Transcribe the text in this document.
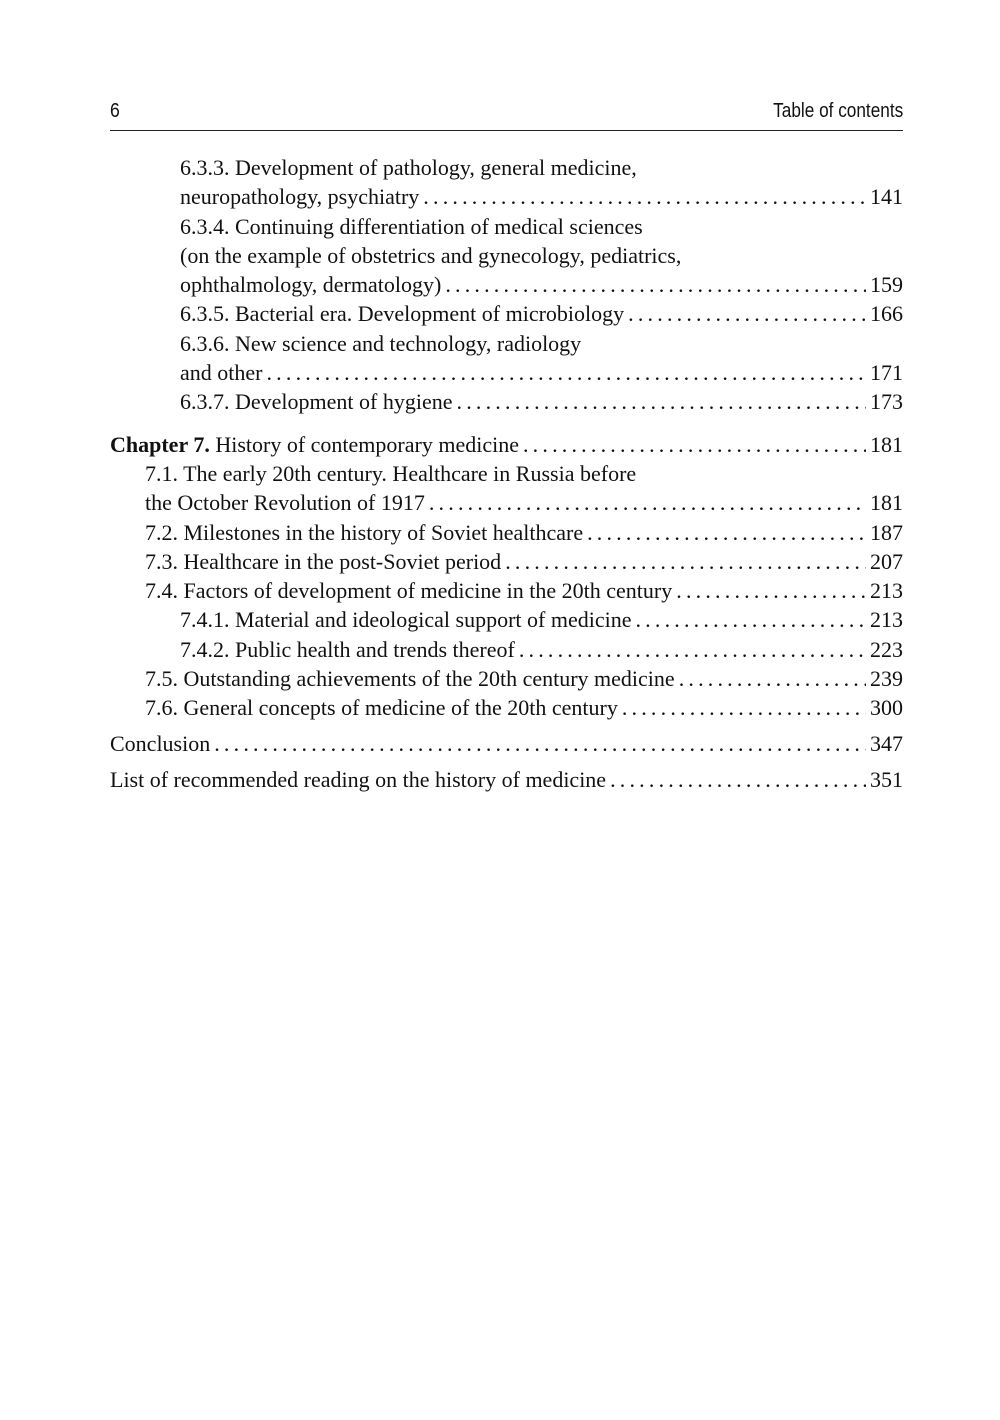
6	Table of contents
6.3.3. Development of pathology, general medicine,
neuropathology, psychiatry .....	141
6.3.4. Continuing differentiation of medical sciences
(on the example of obstetrics and gynecology, pediatrics,
ophthalmology, dermatology) .....	159
6.3.5. Bacterial era. Development of microbiology .....	166
6.3.6. New science and technology, radiology
and other .....	171
6.3.7. Development of hygiene .....	173
Chapter 7. History of contemporary medicine .....	181
7.1. The early 20th century. Healthcare in Russia before
the October Revolution of 1917 .....	181
7.2. Milestones in the history of Soviet healthcare .....	187
7.3. Healthcare in the post-Soviet period .....	207
7.4. Factors of development of medicine in the 20th century .....	213
7.4.1. Material and ideological support of medicine .....	213
7.4.2. Public health and trends thereof .....	223
7.5. Outstanding achievements of the 20th century medicine .....	239
7.6. General concepts of medicine of the 20th century .....	300
Conclusion .....	347
List of recommended reading on the history of medicine .....	351
